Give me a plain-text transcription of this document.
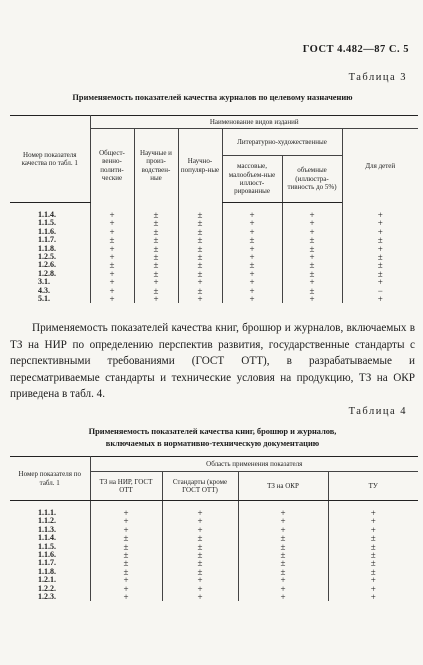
ГОСТ 4.482—87 С. 5
Таблица 3
Применяемость показателей качества журналов по целевому назначению
Номер показателя качества по табл. 1	Наименование видов изданий					
	Общест-венно-полити-ческие	Научные и произ-водствен-ные	Научно-популяр-ные	Литературно-художественные		Для детей
				массовые, малообъем-ные иллюст-рированные	объемные (иллюстра-тивность до 5%)	

1.1.4.	+	±	±	+	+	+
1.1.5.	+	±	±	+	+	+
1.1.6.	+	±	±	+	+	+
1.1.7.	±	±	±	±	±	±
1.1.8.	+	±	±	+	±	+
1.2.5.	+	±	±	+	+	±
1.2.6.	±	±	±	±	±	±
1.2.8.	+	±	±	+	±	±
3.1.	+	+	+	+	+	+
4.3.	+	±	±	+	±	−
5.1.	+	+	+	+	+	+

Применяемость показателей качества книг, брошюр и журналов, включаемых в ТЗ на НИР по определению перспектив развития, государственные стандарты с перспективными требованиями (ГОСТ ОТТ), в разрабатываемые и пересматриваемые стандарты и технические условия на продукцию, ТЗ на ОКР приведена в табл. 4.

Таблица 4
Применяемость показателей качества книг, брошюр и журналов,
включаемых в нормативно-техническую документацию
Номер показателя по табл. 1	Область применения показателя			
	ТЗ на НИР, ГОСТ ОТТ	Стандарты (кроме ГОСТ ОТТ)	ТЗ на ОКР	ТУ

1.1.1.	+	+	+	+
1.1.2.	+	+	+	+
1.1.3.	+	+	+	+
1.1.4.	±	±	±	±
1.1.5.	±	±	±	±
1.1.6.	±	±	±	±
1.1.7.	±	±	±	±
1.1.8.	±	±	±	±
1.2.1.	+	+	+	+
1.2.2.	+	+	+	+
1.2.3.	+	+	+	+
